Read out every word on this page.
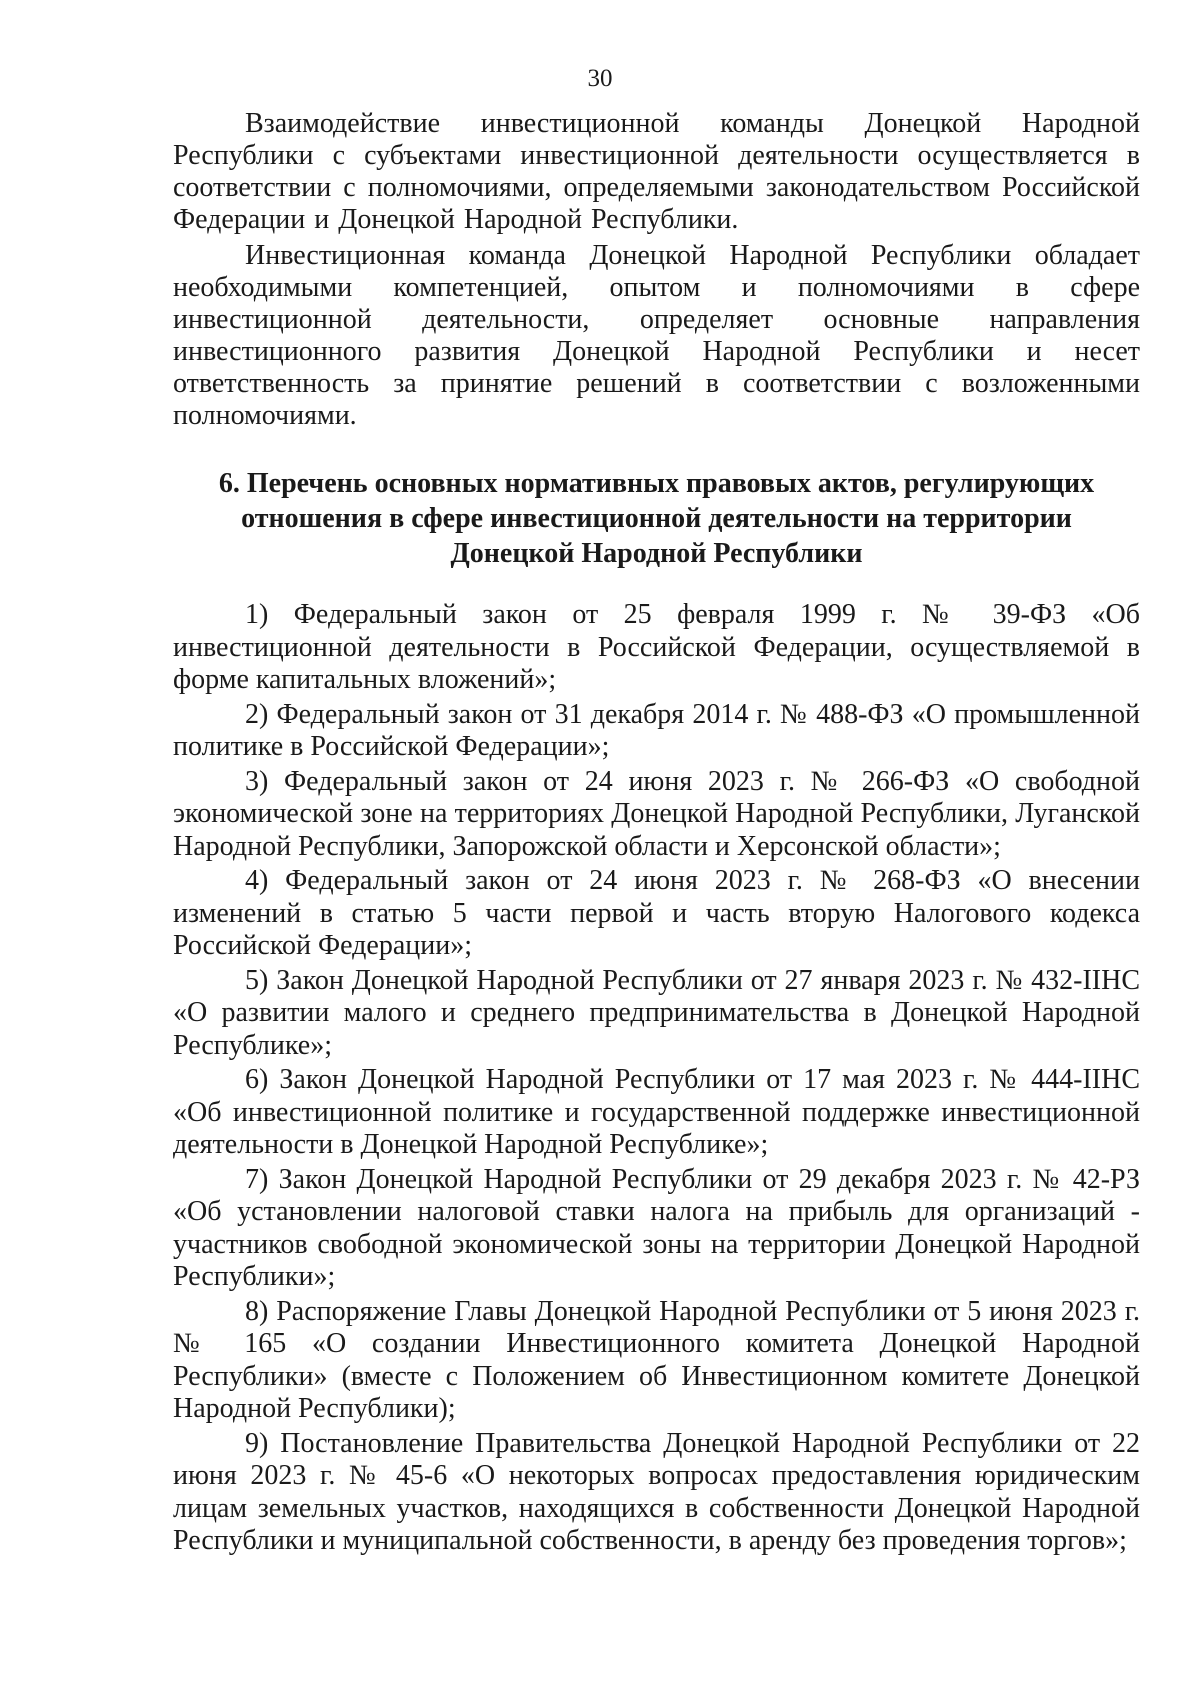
30

Взаимодействие инвестиционной команды Донецкой Народной Республики с субъектами инвестиционной деятельности осуществляется в соответствии с полномочиями, определяемыми законодательством Российской Федерации и Донецкой Народной Республики.

Инвестиционная команда Донецкой Народной Республики обладает необходимыми компетенцией, опытом и полномочиями в сфере инвестиционной деятельности, определяет основные направления инвестиционного развития Донецкой Народной Республики и несет ответственность за принятие решений в соответствии с возложенными полномочиями.

6. Перечень основных нормативных правовых актов, регулирующих
отношения в сфере инвестиционной деятельности на территории
Донецкой Народной Республики

1) Федеральный закон от 25 февраля 1999 г. № 39-ФЗ «Об инвестиционной деятельности в Российской Федерации, осуществляемой в форме капитальных вложений»;

2) Федеральный закон от 31 декабря 2014 г. № 488-ФЗ «О промышленной политике в Российской Федерации»;

3) Федеральный закон от 24 июня 2023 г. № 266-ФЗ «О свободной экономической зоне на территориях Донецкой Народной Республики, Луганской Народной Республики, Запорожской области и Херсонской области»;

4) Федеральный закон от 24 июня 2023 г. № 268-ФЗ «О внесении изменений в статью 5 части первой и часть вторую Налогового кодекса Российской Федерации»;

5) Закон Донецкой Народной Республики от 27 января 2023 г. № 432-IIНС «О развитии малого и среднего предпринимательства в Донецкой Народной Республике»;

6) Закон Донецкой Народной Республики от 17 мая 2023 г. № 444-IIНС «Об инвестиционной политике и государственной поддержке инвестиционной деятельности в Донецкой Народной Республике»;

7) Закон Донецкой Народной Республики от 29 декабря 2023 г. № 42-РЗ «Об установлении налоговой ставки налога на прибыль для организаций - участников свободной экономической зоны на территории Донецкой Народной Республики»;

8) Распоряжение Главы Донецкой Народной Республики от 5 июня 2023 г. № 165 «О создании Инвестиционного комитета Донецкой Народной Республики» (вместе с Положением об Инвестиционном комитете Донецкой Народной Республики);

9) Постановление Правительства Донецкой Народной Республики от 22 июня 2023 г. № 45-6 «О некоторых вопросах предоставления юридическим лицам земельных участков, находящихся в собственности Донецкой Народной Республики и муниципальной собственности, в аренду без проведения торгов»;
